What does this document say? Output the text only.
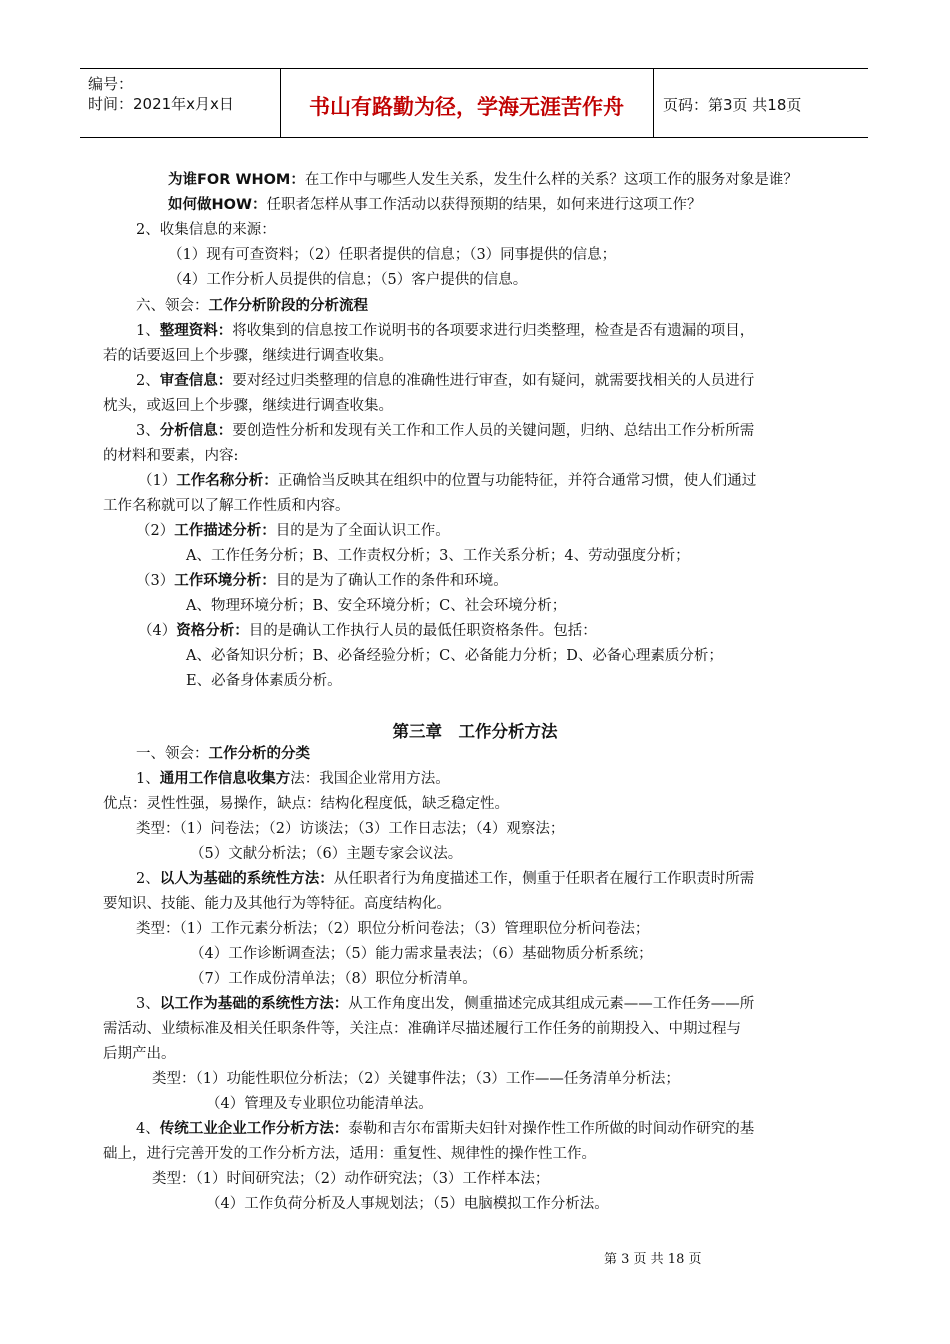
编号：
时间：2021年x月x日	书山有路勤为径，学海无涯苦作舟	页码：第3页 共18页
为谁FOR WHOM：在工作中与哪些人发生关系，发生什么样的关系？这项工作的服务对象是谁？
如何做HOW：任职者怎样从事工作活动以获得预期的结果，如何来进行这项工作？
2、收集信息的来源：
（1）现有可查资料；（2）任职者提供的信息；（3）同事提供的信息；
（4）工作分析人员提供的信息；（5）客户提供的信息。
六、领会：工作分析阶段的分析流程
1、整理资料：将收集到的信息按工作说明书的各项要求进行归类整理，检查是否有遗漏的项目，
若的话要返回上个步骤，继续进行调查收集。
2、审查信息：要对经过归类整理的信息的准确性进行审查，如有疑问，就需要找相关的人员进行
枕头，或返回上个步骤，继续进行调查收集。
3、分析信息：要创造性分析和发现有关工作和工作人员的关键问题，归纳、总结出工作分析所需
的材料和要素，内容:
（1）工作名称分析：正确恰当反映其在组织中的位置与功能特征，并符合通常习惯，使人们通过
工作名称就可以了解工作性质和内容。
（2）工作描述分析：目的是为了全面认识工作。
A、工作任务分析；B、工作责权分析；3、工作关系分析；4、劳动强度分析；
（3）工作环境分析：目的是为了确认工作的条件和环境。
A、物理环境分析；B、安全环境分析；C、社会环境分析；
（4）资格分析：目的是确认工作执行人员的最低任职资格条件。包括：
A、必备知识分析；B、必备经验分析；C、必备能力分析；D、必备心理素质分析；
E、必备身体素质分析。
第三章　工作分析方法
一、领会：工作分析的分类
1、通用工作信息收集方法：我国企业常用方法。
优点：灵性性强，易操作，缺点：结构化程度低，缺乏稳定性。
类型：（1）问卷法；（2）访谈法；（3）工作日志法；（4）观察法；
（5）文献分析法；（6）主题专家会议法。
2、以人为基础的系统性方法：从任职者行为角度描述工作，侧重于任职者在履行工作职责时所需
要知识、技能、能力及其他行为等特征。高度结构化。
类型：（1）工作元素分析法；（2）职位分析问卷法；（3）管理职位分析问卷法；
（4）工作诊断调查法；（5）能力需求量表法；（6）基础物质分析系统；
（7）工作成份清单法；（8）职位分析清单。
3、以工作为基础的系统性方法：从工作角度出发，侧重描述完成其组成元素——工作任务——所
需活动、业绩标准及相关任职条件等，关注点：准确详尽描述履行工作任务的前期投入、中期过程与
后期产出。
类型：（1）功能性职位分析法；（2）关键事件法；（3）工作——任务清单分析法；
（4）管理及专业职位功能清单法。
4、传统工业企业工作分析方法：泰勒和吉尔布雷斯夫妇针对操作性工作所做的时间动作研究的基
础上，进行完善开发的工作分析方法，适用：重复性、规律性的操作性工作。
类型：（1）时间研究法；（2）动作研究法；（3）工作样本法；
（4）工作负荷分析及人事规划法；（5）电脑模拟工作分析法。
第 3 页 共 18 页
